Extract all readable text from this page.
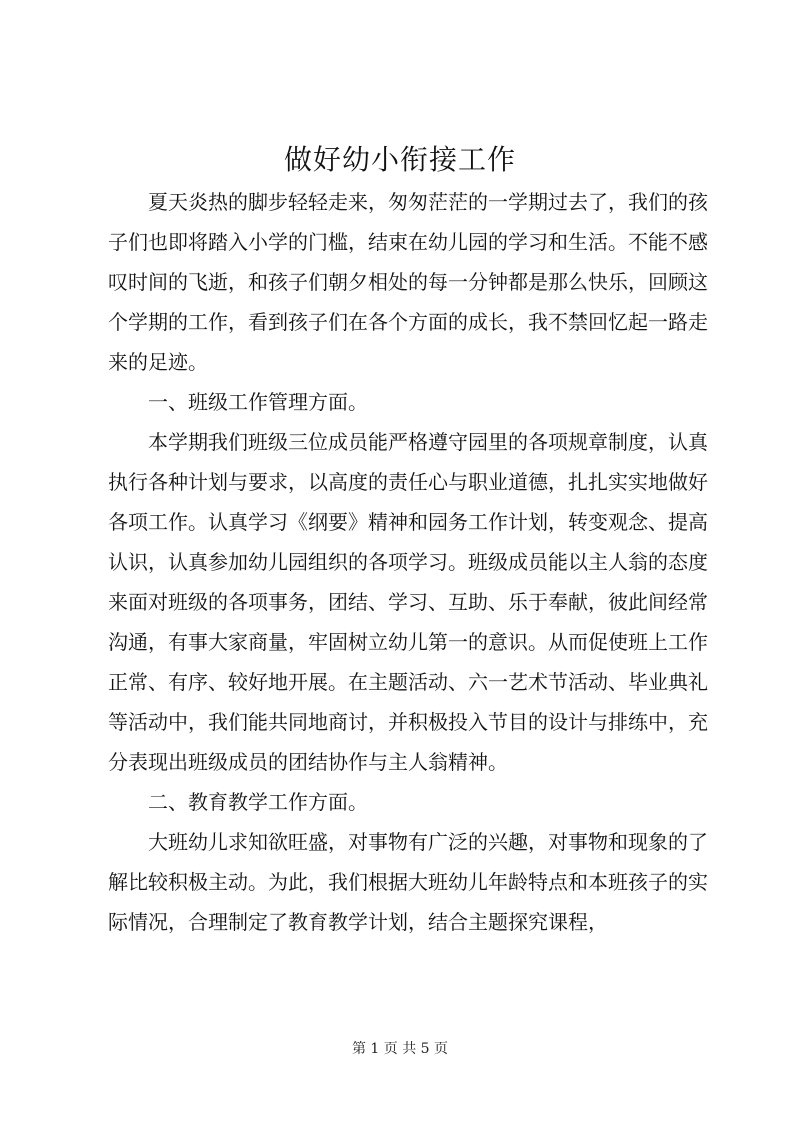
做好幼小衔接工作

夏天炎热的脚步轻轻走来，匆匆茫茫的一学期过去了，我们的孩子们也即将踏入小学的门槛，结束在幼儿园的学习和生活。不能不感叹时间的飞逝，和孩子们朝夕相处的每一分钟都是那么快乐，回顾这个学期的工作，看到孩子们在各个方面的成长，我不禁回忆起一路走来的足迹。

一、班级工作管理方面。

本学期我们班级三位成员能严格遵守园里的各项规章制度，认真执行各种计划与要求，以高度的责任心与职业道德，扎扎实实地做好各项工作。认真学习《纲要》精神和园务工作计划，转变观念、提高认识，认真参加幼儿园组织的各项学习。班级成员能以主人翁的态度来面对班级的各项事务，团结、学习、互助、乐于奉献，彼此间经常沟通，有事大家商量，牢固树立幼儿第一的意识。从而促使班上工作正常、有序、较好地开展。在主题活动、六一艺术节活动、毕业典礼等活动中，我们能共同地商讨，并积极投入节目的设计与排练中，充分表现出班级成员的团结协作与主人翁精神。

二、教育教学工作方面。

大班幼儿求知欲旺盛，对事物有广泛的兴趣，对事物和现象的了解比较积极主动。为此，我们根据大班幼儿年龄特点和本班孩子的实际情况，合理制定了教育教学计划，结合主题探究课程，

第 1 页 共 5 页
